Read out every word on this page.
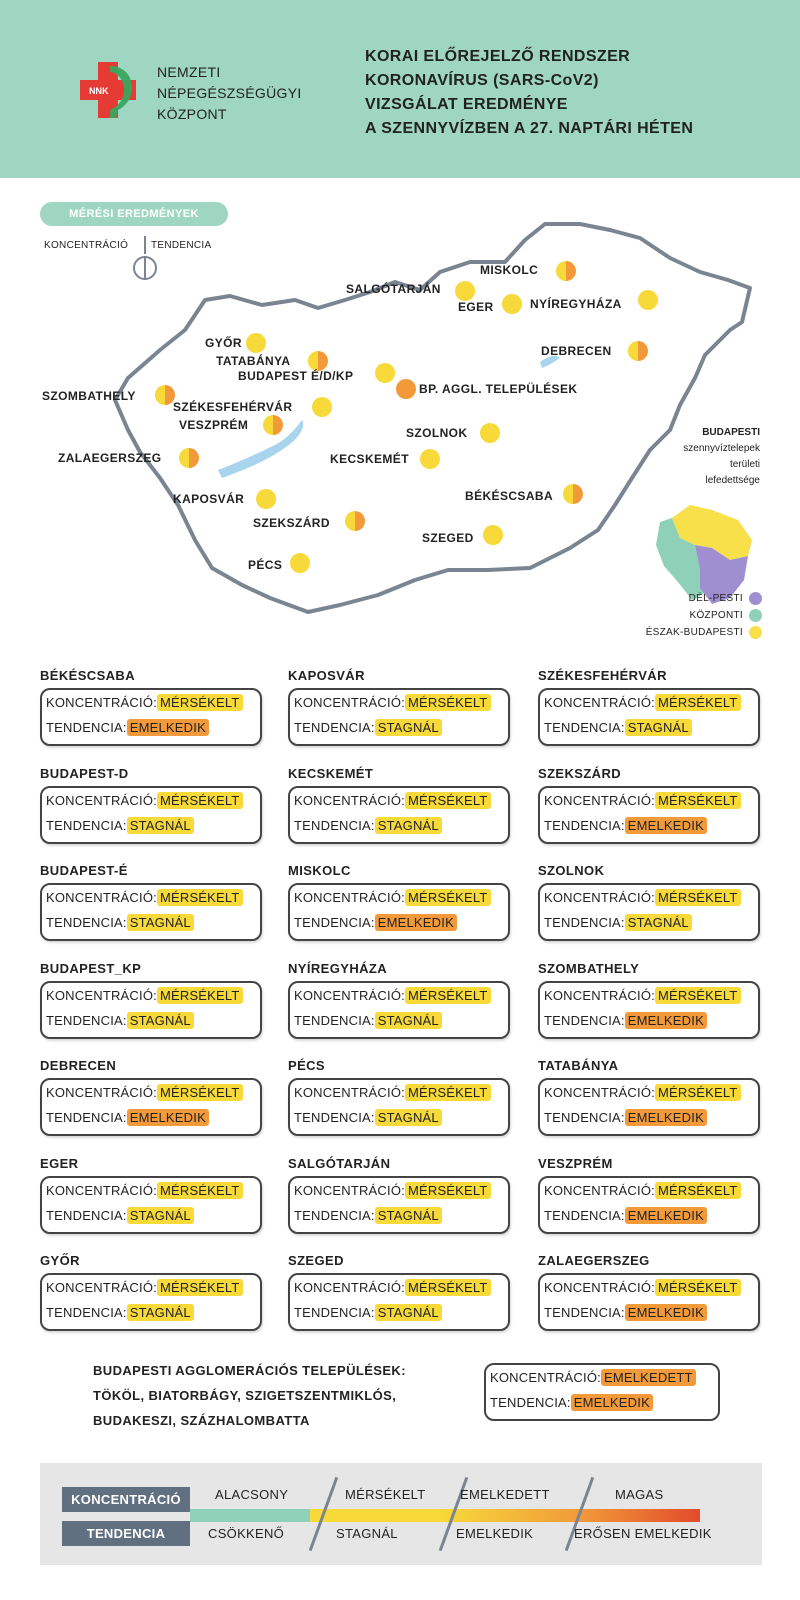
NNK
NEMZETI
NÉPEGÉSZSÉGÜGYI
KÖZPONT
KORAI ELŐREJELZŐ RENDSZER
KORONAVÍRUS (SARS-CoV2)
VIZSGÁLAT EREDMÉNYE
A SZENNYVÍZBEN A 27. NAPTÁRI HÉTEN
MÉRÉSI EREDMÉNYEK
KONCENTRÁCIÓ TENDENCIA
MISKOLC
SALGÓTARJÁN
EGER	NYÍREGYHÁZA
DEBRECEN
GYŐR
TATABÁNYA
BUDAPEST É/D/KP
BP. AGGL. TELEPÜLÉSEK
SZOMBATHELY
SZÉKESFEHÉRVÁR
VESZPRÉM
SZOLNOK
ZALAEGERSZEG	KECSKEMÉT
BÉKÉSCSABA
KAPOSVÁR
SZEKSZÁRD
SZEGED
PÉCS
BUDAPESTI
szennyvíztelepek
területi
lefedettsége
DÉL-PESTI
KÖZPONTI
ÉSZAK-BUDAPESTI
BÉKÉSCSABA
KONCENTRÁCIÓ: MÉRSÉKELT
TENDENCIA: EMELKEDIK
KAPOSVÁR
KONCENTRÁCIÓ: MÉRSÉKELT
TENDENCIA: STAGNÁL
SZÉKESFEHÉRVÁR
KONCENTRÁCIÓ: MÉRSÉKELT
TENDENCIA: STAGNÁL
BUDAPEST-D
KONCENTRÁCIÓ: MÉRSÉKELT
TENDENCIA: STAGNÁL
KECSKEMÉT
KONCENTRÁCIÓ: MÉRSÉKELT
TENDENCIA: STAGNÁL
SZEKSZÁRD
KONCENTRÁCIÓ: MÉRSÉKELT
TENDENCIA: EMELKEDIK
BUDAPEST-É
KONCENTRÁCIÓ: MÉRSÉKELT
TENDENCIA: STAGNÁL
MISKOLC
KONCENTRÁCIÓ: MÉRSÉKELT
TENDENCIA: EMELKEDIK
SZOLNOK
KONCENTRÁCIÓ: MÉRSÉKELT
TENDENCIA: STAGNÁL
BUDAPEST_KP
KONCENTRÁCIÓ: MÉRSÉKELT
TENDENCIA: STAGNÁL
NYÍREGYHÁZA
KONCENTRÁCIÓ: MÉRSÉKELT
TENDENCIA: STAGNÁL
SZOMBATHELY
KONCENTRÁCIÓ: MÉRSÉKELT
TENDENCIA: EMELKEDIK
DEBRECEN
KONCENTRÁCIÓ: MÉRSÉKELT
TENDENCIA: EMELKEDIK
PÉCS
KONCENTRÁCIÓ: MÉRSÉKELT
TENDENCIA: STAGNÁL
TATABÁNYA
KONCENTRÁCIÓ: MÉRSÉKELT
TENDENCIA: EMELKEDIK
EGER
KONCENTRÁCIÓ: MÉRSÉKELT
TENDENCIA: STAGNÁL
SALGÓTARJÁN
KONCENTRÁCIÓ: MÉRSÉKELT
TENDENCIA: STAGNÁL
VESZPRÉM
KONCENTRÁCIÓ: MÉRSÉKELT
TENDENCIA: EMELKEDIK
GYŐR
KONCENTRÁCIÓ: MÉRSÉKELT
TENDENCIA: STAGNÁL
SZEGED
KONCENTRÁCIÓ: MÉRSÉKELT
TENDENCIA: STAGNÁL
ZALAEGERSZEG
KONCENTRÁCIÓ: MÉRSÉKELT
TENDENCIA: EMELKEDIK
BUDAPESTI AGGLOMERÁCIÓS TELEPÜLÉSEK:
TÖKÖL, BIATORBÁGY, SZIGETSZENTMIKLÓS,
BUDAKESZI, SZÁZHALOMBATTA
KONCENTRÁCIÓ: EMELKEDETT
TENDENCIA: EMELKEDIK
KONCENTRÁCIÓ
TENDENCIA
ALACSONY	MÉRSÉKELT	EMELKEDETT	MAGAS
CSÖKKENŐ	STAGNÁL	EMELKEDIK	ERŐSEN EMELKEDIK
